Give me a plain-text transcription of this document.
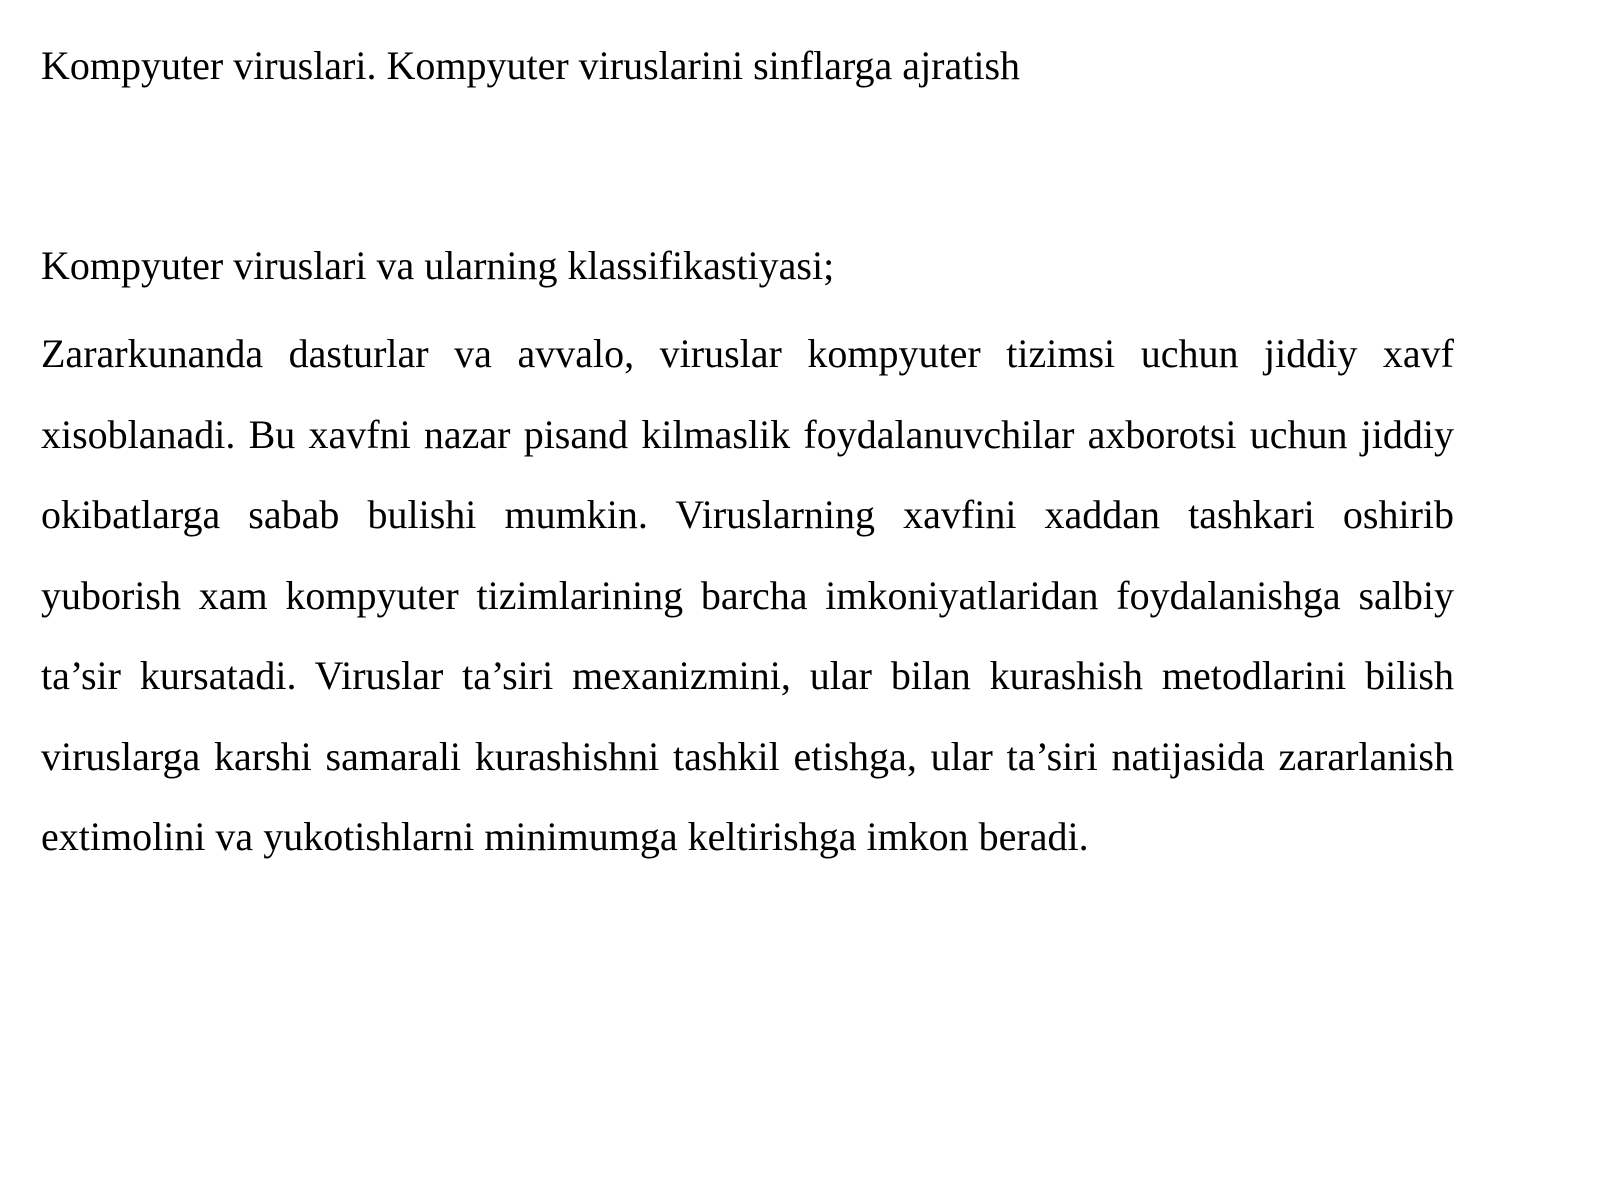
Kompyuter viruslari. Kompyuter viruslarini sinflarga ajratish
Kompyuter viruslari va ularning klassifikastiyasi;

Zararkunanda dasturlar va avvalo, viruslar kompyuter tizimsi uchun jiddiy xavf xisoblanadi. Bu xavfni nazar pisand kilmaslik foydalanuvchilar axborotsi uchun jiddiy okibatlarga sabab bulishi mumkin. Viruslarning xavfini xaddan tashkari oshirib yuborish xam kompyuter tizimlarining barcha imkoniyatlaridan foydalanishga salbiy ta’sir kursatadi. Viruslar ta’siri mexanizmini, ular bilan kurashish metodlarini bilish viruslarga karshi samarali kurashishni tashkil etishga, ular ta’siri natijasida zararlanish extimolini va yukotishlarni minimumga keltirishga imkon beradi.
